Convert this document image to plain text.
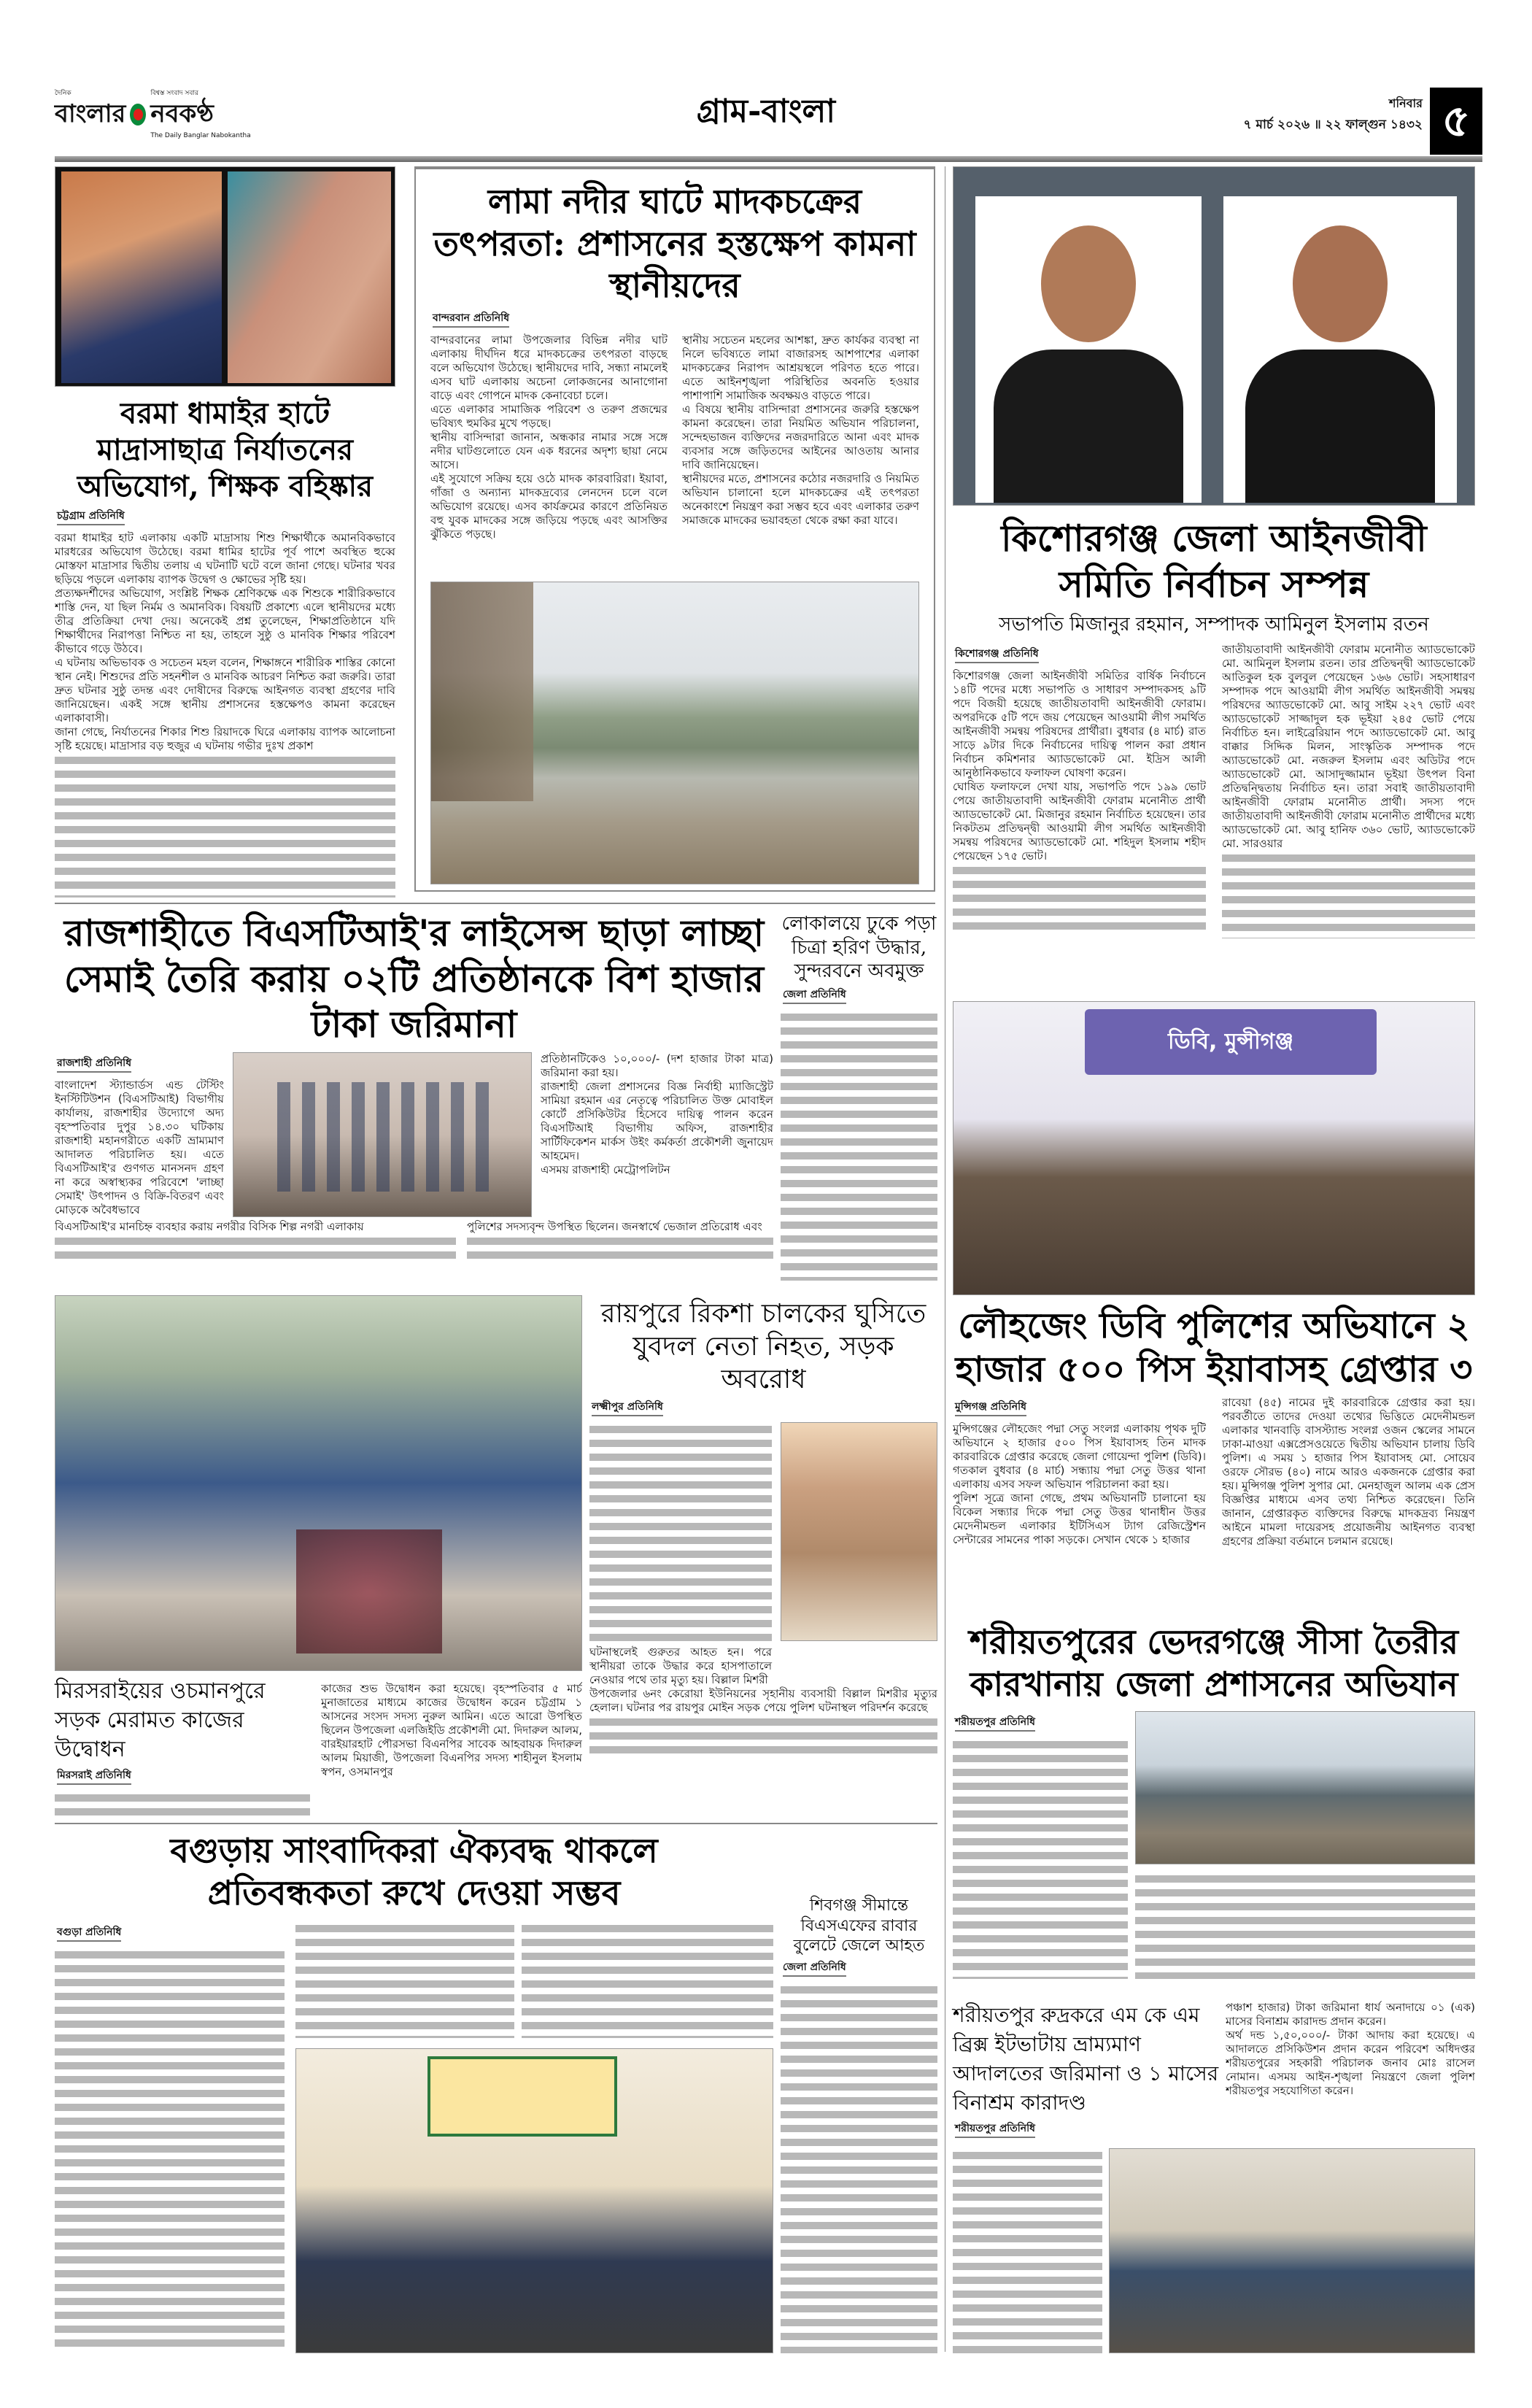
দৈনিক
বাংলার
বিশ্বস্ত সংবাদ সবার
নবকণ্ঠ
The Daily Banglar Nabokantha
গ্রাম-বাংলা	শনিবার
৭ মার্চ ২০২৬ ॥ ২২ ফাল্গুন ১৪৩২ ৫
বরমা ধামাইর হাটে মাদ্রাসাছাত্র নির্যাতনের অভিযোগ, শিক্ষক বহিষ্কার
চট্টগ্রাম প্রতিনিধি

বরমা ধামাইর হাট এলাকায় একটি মাদ্রাসায় শিশু শিক্ষার্থীকে অমানবিকভাবে মারধরের অভিযোগ উঠেছে। বরমা ধামির হাটের পূর্ব পাশে অবস্থিত হুব্বে মোস্তফা মাদ্রাসার দ্বিতীয় তলায় এ ঘটনাটি ঘটে বলে জানা গেছে। ঘটনার খবর ছড়িয়ে পড়লে এলাকায় ব্যাপক উদ্বেগ ও ক্ষোভের সৃষ্টি হয়।

প্রত্যক্ষদর্শীদের অভিযোগ, সংশ্লিষ্ট শিক্ষক শ্রেণিকক্ষে এক শিশুকে শারীরিকভাবে শাস্তি দেন, যা ছিল নির্মম ও অমানবিক। বিষয়টি প্রকাশ্যে এলে স্থানীয়দের মধ্যে তীব্র প্রতিক্রিয়া দেখা দেয়। অনেকেই প্রশ্ন তুলেছেন, শিক্ষাপ্রতিষ্ঠানে যদি শিক্ষার্থীদের নিরাপত্তা নিশ্চিত না হয়, তাহলে সুষ্ঠু ও মানবিক শিক্ষার পরিবেশ কীভাবে গড়ে উঠবে।

এ ঘটনায় অভিভাবক ও সচেতন মহল বলেন, শিক্ষাঙ্গনে শারীরিক শাস্তির কোনো স্থান নেই। শিশুদের প্রতি সহনশীল ও মানবিক আচরণ নিশ্চিত করা জরুরি। তারা দ্রুত ঘটনার সুষ্ঠু তদন্ত এবং দোষীদের বিরুদ্ধে আইনগত ব্যবস্থা গ্রহণের দাবি জানিয়েছেন। একই সঙ্গে স্থানীয় প্রশাসনের হস্তক্ষেপও কামনা করেছেন এলাকাবাসী।

জানা গেছে, নির্যাতনের শিকার শিশু রিয়াদকে ঘিরে এলাকায় ব্যাপক আলোচনা সৃষ্টি হয়েছে। মাদ্রাসার বড় হুজুর এ ঘটনায় গভীর দুঃখ প্রকাশ

লামা নদীর ঘাটে মাদকচক্রের তৎপরতা: প্রশাসনের হস্তক্ষেপ কামনা স্থানীয়দের
বান্দরবান প্রতিনিধি

বান্দরবানের লামা উপজেলার বিভিন্ন নদীর ঘাট এলাকায় দীর্ঘদিন ধরে মাদকচক্রের তৎপরতা বাড়ছে বলে অভিযোগ উঠেছে। স্থানীয়দের দাবি, সন্ধ্যা নামলেই এসব ঘাট এলাকায় অচেনা লোকজনের আনাগোনা বাড়ে এবং গোপনে মাদক কেনাবেচা চলে।

এতে এলাকার সামাজিক পরিবেশ ও তরুণ প্রজন্মের ভবিষ্যৎ হুমকির মুখে পড়ছে।

স্থানীয় বাসিন্দারা জানান, অন্ধকার নামার সঙ্গে সঙ্গে নদীর ঘাটগুলোতে যেন এক ধরনের অদৃশ্য ছায়া নেমে আসে।

এই সুযোগে সক্রিয় হয়ে ওঠে মাদক কারবারিরা। ইয়াবা, গাঁজা ও অন্যান্য মাদকদ্রব্যের লেনদেন চলে বলে অভিযোগ রয়েছে। এসব কার্যক্রমের কারণে প্রতিনিয়ত বহু যুবক মাদকের সঙ্গে জড়িয়ে পড়ছে এবং আসক্তির ঝুঁকিতে পড়ছে।

স্থানীয় সচেতন মহলের আশঙ্কা, দ্রুত কার্যকর ব্যবস্থা না নিলে ভবিষ্যতে লামা বাজারসহ আশপাশের এলাকা মাদকচক্রের নিরাপদ আশ্রয়স্থলে পরিণত হতে পারে। এতে আইনশৃঙ্খলা পরিস্থিতির অবনতি হওয়ার পাশাপাশি সামাজিক অবক্ষয়ও বাড়তে পারে।

এ বিষয়ে স্থানীয় বাসিন্দারা প্রশাসনের জরুরি হস্তক্ষেপ কামনা করেছেন। তারা নিয়মিত অভিযান পরিচালনা, সন্দেহভাজন ব্যক্তিদের নজরদারিতে আনা এবং মাদক ব্যবসার সঙ্গে জড়িতদের আইনের আওতায় আনার দাবি জানিয়েছেন।

স্থানীয়দের মতে, প্রশাসনের কঠোর নজরদারি ও নিয়মিত অভিযান চালানো হলে মাদকচক্রের এই তৎপরতা অনেকাংশে নিয়ন্ত্রণ করা সম্ভব হবে এবং এলাকার তরুণ সমাজকে মাদকের ভয়াবহতা থেকে রক্ষা করা যাবে।	কিশোরগঞ্জ জেলা আইনজীবী সমিতি নির্বাচন সম্পন্ন
সভাপতি মিজানুর রহমান, সম্পাদক আমিনুল ইসলাম রতন
কিশোরগঞ্জ প্রতিনিধি

কিশোরগঞ্জ জেলা আইনজীবী সমিতির বার্ষিক নির্বাচনে ১৪টি পদের মধ্যে সভাপতি ও সাধারণ সম্পাদকসহ ৯টি পদে বিজয়ী হয়েছে জাতীয়তাবাদী আইনজীবী ফোরাম। অপরদিকে ৫টি পদে জয় পেয়েছেন আওয়ামী লীগ সমর্থিত আইনজীবী সমন্বয় পরিষদের প্রার্থীরা। বুধবার (৪ মার্চ) রাত সাড়ে ৯টার দিকে নির্বাচনের দায়িত্ব পালন করা প্রধান নির্বাচন কমিশনার অ্যাডভোকেট মো. ইদ্রিস আলী আনুষ্ঠানিকভাবে ফলাফল ঘোষণা করেন।

ঘোষিত ফলাফলে দেখা যায়, সভাপতি পদে ১৯৯ ভোট পেয়ে জাতীয়তাবাদী আইনজীবী ফোরাম মনোনীত প্রার্থী অ্যাডভোকেট মো. মিজানুর রহমান নির্বাচিত হয়েছেন। তার নিকটতম প্রতিদ্বন্দ্বী আওয়ামী লীগ সমর্থিত আইনজীবী সমন্বয় পরিষদের অ্যাডভোকেট মো. শহিদুল ইসলাম শহীদ পেয়েছেন ১৭৫ ভোট।

জাতীয়তাবাদী আইনজীবী ফোরাম মনোনীত অ্যাডভোকেট মো. আমিনুল ইসলাম রতন। তার প্রতিদ্বন্দ্বী অ্যাডভোকেট আতিকুল হক বুলবুল পেয়েছেন ১৬৬ ভোট। সহসাধারণ সম্পাদক পদে আওয়ামী লীগ সমর্থিত আইনজীবী সমন্বয় পরিষদের অ্যাডভোকেট মো. আবু সাইম ২২৭ ভোট এবং অ্যাডভোকেট সাজ্জাদুল হক ভূইয়া ২৪৫ ভোট পেয়ে নির্বাচিত হন। লাইব্রেরিয়ান পদে অ্যাডভোকেট মো. আবু বাক্কার সিদ্দিক মিলন, সাংস্কৃতিক সম্পাদক পদে অ্যাডভোকেট মো. নজরুল ইসলাম এবং অডিটর পদে অ্যাডভোকেট মো. আসাদুজ্জামান ভূইয়া উৎপল বিনা প্রতিদ্বন্দ্বিতায় নির্বাচিত হন। তারা সবাই জাতীয়তাবাদী আইনজীবী ফোরাম মনোনীত প্রার্থী। সদস্য পদে জাতীয়তাবাদী আইনজীবী ফোরাম মনোনীত প্রার্থীদের মধ্যে অ্যাডভোকেট মো. আবু হানিফ ৩৬০ ভোট, অ্যাডভোকেট মো. সারওয়ার

রাজশাহীতে বিএসটিআই'র লাইসেন্স ছাড়া লাচ্ছা সেমাই তৈরি করায় ০২টি প্রতিষ্ঠানকে বিশ হাজার টাকা জরিমানা
রাজশাহী প্রতিনিধি
বাংলাদেশ স্ট্যান্ডার্ডস এন্ড টেস্টিং ইনস্টিটিউশন (বিএসটিআই) বিভাগীয় কার্যালয়, রাজশাহীর উদ্যোগে অদ্য বৃহস্পতিবার দুপুর ১৪.৩০ ঘটিকায় রাজশাহী মহানগরীতে একটি ভ্রাম্যমাণ আদালত পরিচালিত হয়। এতে বিএসটিআই'র গুণগত মানসনদ গ্রহণ না করে অস্বাস্থ্যকর পরিবেশে 'লাচ্ছা সেমাই' উৎপাদন ও বিক্রি-বিতরণ এবং মোড়কে অবৈধভাবে

প্রতিষ্ঠানটিকেও ১০,০০০/- (দশ হাজার টাকা মাত্র) জরিমানা করা হয়।

রাজশাহী জেলা প্রশাসনের বিজ্ঞ নির্বাহী ম্যাজিস্ট্রেট সামিয়া রহমান এর নেতৃত্বে পরিচালিত উক্ত মোবাইল কোর্টে প্রসিকিউটর হিসেবে দায়িত্ব পালন করেন বিএসটিআই বিভাগীয় অফিস, রাজশাহীর সার্টিফিকেশন মার্কস উইং কর্মকর্তা প্রকৌশলী জুনায়েদ আহমেদ।

এসময় রাজশাহী মেট্রোপলিটন

বিএসটিআই'র মানচিহ্ন ব্যবহার করায় নগরীর বিসিক শিল্প নগরী এলাকায়	পুলিশের সদস্যবৃন্দ উপস্থিত ছিলেন। জনস্বার্থে ভেজাল প্রতিরোধ এবং

লোকালয়ে ঢুকে পড়া চিত্রা হরিণ উদ্ধার, সুন্দরবনে অবমুক্ত
জেলা প্রতিনিধি
ডিবি, মুন্সীগঞ্জ
লৌহজেং ডিবি পুলিশের অভিযানে ২ হাজার ৫০০ পিস ইয়াবাসহ গ্রেপ্তার ৩
মুন্সিগঞ্জ প্রতিনিধি

মুন্সিগঞ্জের লৌহজেং পদ্মা সেতু সংলগ্ন এলাকায় পৃথক দুটি অভিযানে ২ হাজার ৫০০ পিস ইয়াবাসহ তিন মাদক কারবারিকে গ্রেপ্তার করেছে জেলা গোয়েন্দা পুলিশ (ডিবি)। গতকাল বুধবার (৪ মার্চ) সন্ধ্যায় পদ্মা সেতু উত্তর থানা এলাকায় এসব সফল অভিযান পরিচালনা করা হয়।

পুলিশ সূত্রে জানা গেছে, প্রথম অভিযানটি চালানো হয় বিকেল সন্ধ্যার দিকে পদ্মা সেতু উত্তর থানাধীন উত্তর মেদেনীমন্ডল এলাকার ইটিসিএস ট্যাগ রেজিস্ট্রেশন সেন্টারের সামনের পাকা সড়কে। সেখান থেকে ১ হাজার

রাবেয়া (৪৫) নামের দুই কারবারিকে গ্রেপ্তার করা হয়। পরবর্তীতে তাদের দেওয়া তথ্যের ভিত্তিতে মেদেনীমন্ডল এলাকার খানবাড়ি বাসস্ট্যান্ড সংলগ্ন ওজন স্কেলের সামনে ঢাকা-মাওয়া এক্সপ্রেসওয়েতে দ্বিতীয় অভিযান চালায় ডিবি পুলিশ। এ সময় ১ হাজার পিস ইয়াবাসহ মো. সোয়েব ওরফে সৌরভ (৪০) নামে আরও একজনকে গ্রেপ্তার করা হয়। মুন্সিগঞ্জ পুলিশ সুপার মো. মেনহাজুল আলম এক প্রেস বিজ্ঞপ্তির মাধ্যমে এসব তথ্য নিশ্চিত করেছেন। তিনি জানান, গ্রেপ্তারকৃত ব্যক্তিদের বিরুদ্ধে মাদকদ্রব্য নিয়ন্ত্রণ আইনে মামলা দায়েরসহ প্রয়োজনীয় আইনগত ব্যবস্থা গ্রহণের প্রক্রিয়া বর্তমানে চলমান রয়েছে।

মিরসরাইয়ের ওচমানপুরে সড়ক মেরামত কাজের উদ্বোধন
মিরসরাই প্রতিনিধি
কাজের শুভ উদ্বোধন করা হয়েছে। বৃহস্পতিবার ৫ মার্চ মুনাজাতের মাধ্যমে কাজের উদ্বোধন করেন চট্টগ্রাম ১ আসনের সংসদ সদস্য নুরুল আমিন। এতে আরো উপস্থিত ছিলেন উপজেলা এলজিইডি প্রকৌশলী মো. দিদারুল আলম, বারইয়ারহাট পৌরসভা বিএনপির সাবেক আহবায়ক দিদারুল আলম মিয়াজী, উপজেলা বিএনপির সদস্য শাহীনুল ইসলাম স্বপন, ওসমানপুর
রায়পুরে রিকশা চালকের ঘুসিতে যুবদল নেতা নিহত, সড়ক অবরোধ
লক্ষ্মীপুর প্রতিনিধি

ঘটনাস্থলেই গুরুতর আহত হন। পরে স্থানীয়রা তাকে উদ্ধার করে হাসপাতালে নেওয়ার পথে তার মৃত্যু হয়। বিল্লাল মিশরী

উপজেলার ৬নং কেরোয়া ইউনিয়নের সৃহানীয় ব্যবসায়ী বিল্লাল মিশরীর মৃত্যুর হেলাল। ঘটনার পর রায়পুর মোইন সড়ক পেয়ে পুলিশ ঘটনাস্থল পরিদর্শন করেছে

শরীয়তপুরের ভেদরগঞ্জে সীসা তৈরীর কারখানায় জেলা প্রশাসনের অভিযান
শরীয়তপুর প্রতিনিধি
বগুড়ায় সাংবাদিকরা ঐক্যবদ্ধ থাকলে প্রতিবন্ধকতা রুখে দেওয়া সম্ভব
বগুড়া প্রতিনিধি
শিবগঞ্জ সীমান্তে বিএসএফের রাবার বুলেটে জেলে আহত
জেলা প্রতিনিধি
শরীয়তপুর রুদ্রকরে এম কে এম ব্রিক্স ইটভাটায় ভ্রাম্যমাণ আদালতের জরিমানা ও ১ মাসের বিনাশ্রম কারাদণ্ড
শরীয়তপুর প্রতিনিধি

পঞ্চাশ হাজার) টাকা জরিমানা ধার্য অনাদায়ে ০১ (এক) মাসের বিনাশ্রম কারাদন্ড প্রদান করেন।

অর্থ দন্ড ১,৫০,০০০/- টাকা আদায় করা হয়েছে। এ আদালতে প্রসিকিউশন প্রদান করেন পরিবেশ অধিদপ্তর শরীয়তপুরের সহকারী পরিচালক জনাব মোঃ রাসেল নোমান। এসময় আইন-শৃঙ্খলা নিয়ন্ত্রণে জেলা পুলিশ শরীয়তপুর সহযোগিতা করেন।
